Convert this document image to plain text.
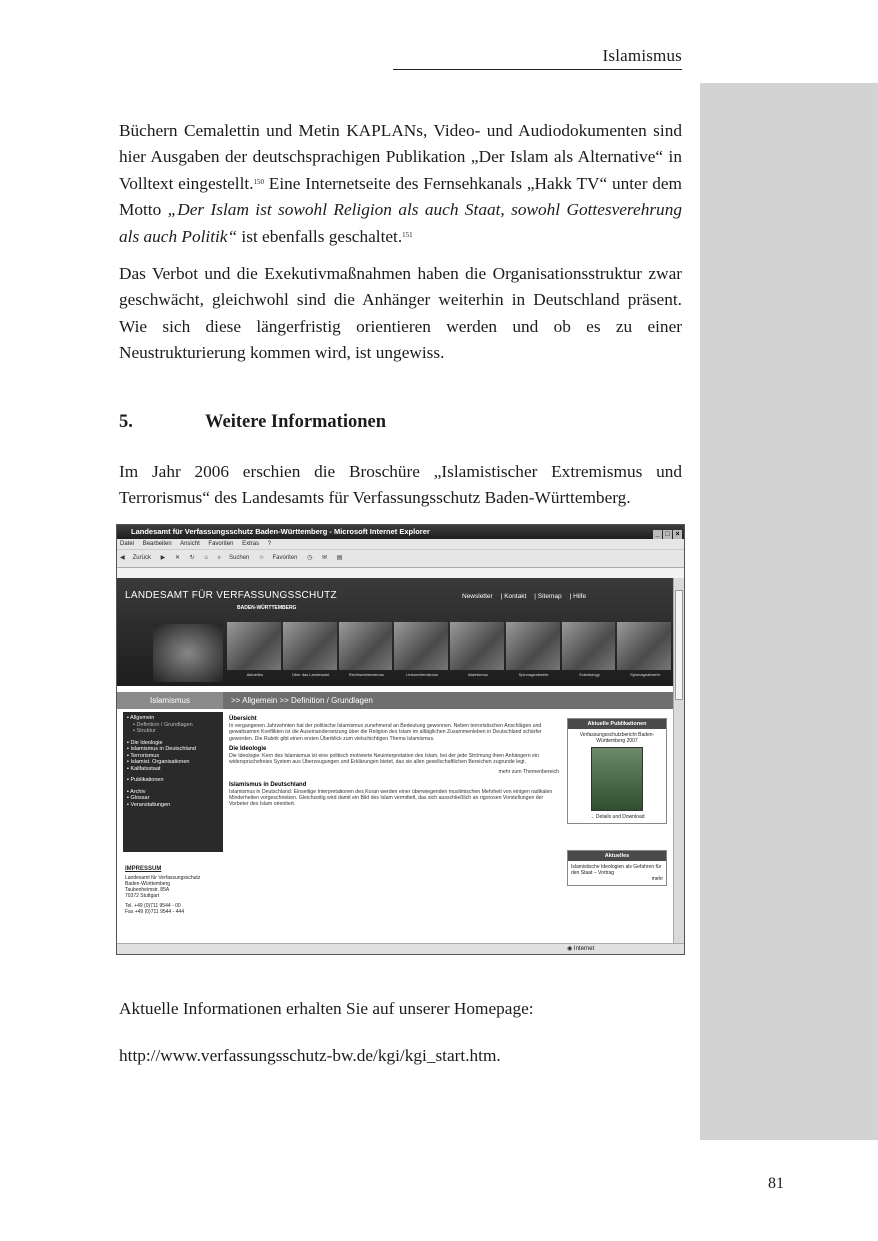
Islamismus

Büchern Cemalettin und Metin KAPLANs, Video- und Audiodokumenten sind hier Ausgaben der deutschsprachigen Publikation „Der Islam als Alternative“ in Volltext eingestellt.$^{150}$ Eine Internetseite des Fernsehkanals „Hakk TV“ unter dem Motto „Der Islam ist sowohl Religion als auch Staat, sowohl Gottesverehrung als auch Politik“ ist ebenfalls geschaltet.$^{151}$

Das Verbot und die Exekutivmaßnahmen haben die Organisationsstruktur zwar geschwächt, gleichwohl sind die Anhänger weiterhin in Deutschland präsent. Wie sich diese längerfristig orientieren werden und ob es zu einer Neustrukturierung kommen wird, ist ungewiss.

5.	Weitere Informationen

Im Jahr 2006 erschien die Broschüre „Islamistischer Extremismus und Terrorismus“ des Landesamts für Verfassungsschutz Baden-Württemberg.

Landesamt für Verfassungsschutz Baden-Württemberg - Microsoft Internet Explorer	_ □ ×
Datei Bearbeiten Ansicht Favoriten Extras ?
◀ Zurück ▶ ✕ ↻ ⌂ ⌕ Suchen ☆ Favoriten ◷ ✉ ▤
LANDESAMT FÜR VERFASSUNGSSCHUTZ
BADEN-WÜRTTEMBERG
Newsletter | Kontakt | Sitemap | Hilfe
Aktuelles	Über das Landesamt	Rechtsextremismus	Linksextremismus	Islamismus	Spionageabwehr	Scientology	Spionageabwehr
Islamismus	>> Allgemein >> Definition / Grundlagen
▪ Allgemein
▪ Definition / Grundlagen
▪ Struktur
▪ Die Ideologie
▪ Islamismus in Deutschland
▪ Terrorismus
▪ Islamist. Organisationen
▪ Kalifatsstaat
▪ Publikationen
▪ Archiv
▪ Glossar
▪ Veranstaltungen
IMPRESSUM
Landesamt für Verfassungsschutz
Baden-Württemberg
Taubenheimstr. 85A
70372 Stuttgart
Tel. +49 (0)711 9544 - 00
Fax +49 (0)711 9544 - 444
Übersicht

In vergangenen Jahrzehnten hat der politische Islamismus zunehmend an Bedeutung gewonnen. Neben terroristischen Anschlägen und gewaltsamen Konflikten ist die Auseinandersetzung über die Religion des Islam im alltäglichen Zusammenleben in Deutschland schärfer geworden. Die Rubrik gibt einen ersten Überblick zum vielschichtigen Thema Islamismus.

Die Ideologie

Die Ideologie: Kern des Islamismus ist eine politisch motivierte Neuinterpretation des Islam, bei der jede Strömung ihren Anhängern ein widerspruchsfreies System aus Überzeugungen und Erklärungen bietet, das sie allen gesellschaftlichen Bereichen zugrunde legt.

mehr zum Themenbereich
Islamismus in Deutschland

Islamismus in Deutschland: Einseitige Interpretationen des Koran werden einer überwiegenden muslimischen Mehrheit von einigen radikalen Minderheiten vorgeschrieben. Gleichzeitig wird damit ein Bild des Islam vermittelt, das sich ausschließlich an rigorosen Vorstellungen der Vorbeter des Islam orientiert.

Aktuelle Publikationen
Verfassungsschutzbericht Baden-Württemberg 2007
→ Details und Download
Aktuelles
Islamistische Ideologien als Gefahren für den Staat – Vortrag
mehr
◉ Internet
Aktuelle Informationen erhalten Sie auf unserer Homepage:
http://www.verfassungsschutz-bw.de/kgi/kgi_start.htm.
81
